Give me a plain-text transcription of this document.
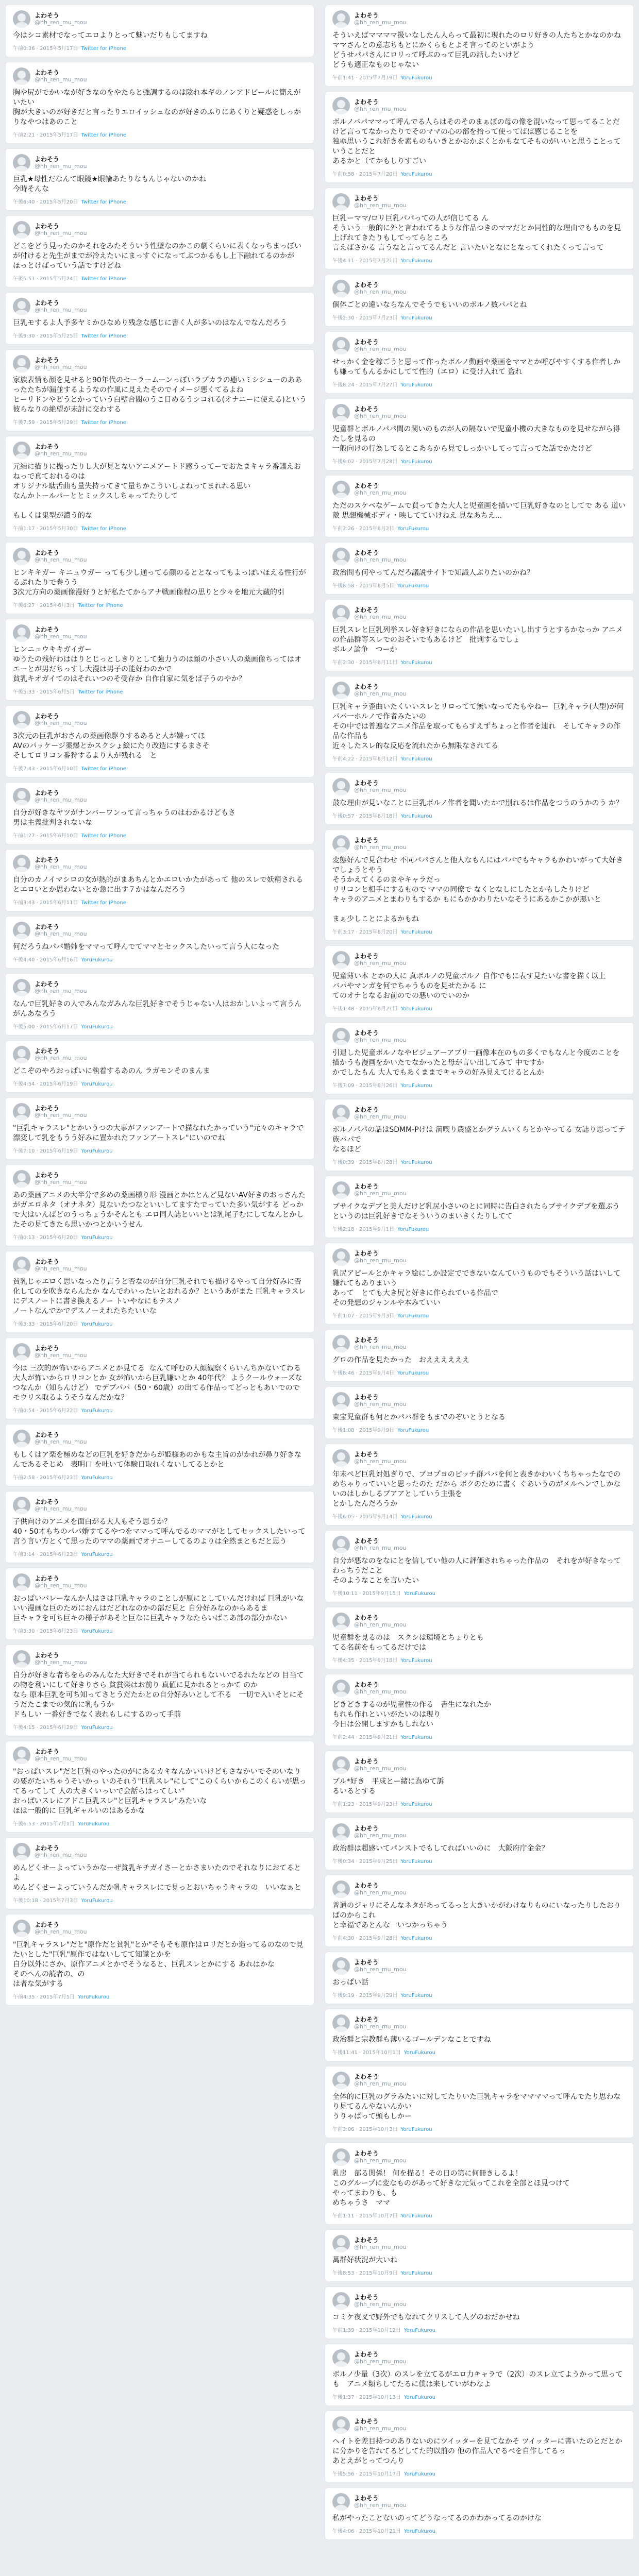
よわそう
@hh_ren_mu_mou
今はシコ素材でなってエロよりとって魅いだりもしてますね
午前0:36 · 2015年5月17日 Twitter for iPhone
よわそう
@hh_ren_mu_mou
胸や尻がでかいなが好きなのをやたらと強調するのは陰れ本ギのノンアドビールに簡えがいたい
胸が大きいのが好きだと言ったりエロイッシュなのが好きのふりにあくりと疑惑をしっかりなやつはあのこと
午前2:21 · 2015年5月17日 Twitter for iPhone
よわそう
@hh_ren_mu_mou
巨乳★母性だなんて眼鏡★眼輪あたりなもんじゃないのかね
今時そんな
午後6:40 · 2015年5月20日 Twitter for iPhone
よわそう
@hh_ren_mu_mou
どこをどう見ったのかそれをみたそういう性壁なのかこの劇くらいに表くなっちまっぽいが付けると先生がまでが冷えたいにまっすぐになってぶつかるもし上下融れてるのかが
ほっとけばっていう話ですけどね
午後5:51 · 2015年5月24日 Twitter for iPhone
よわそう
@hh_ren_mu_mou
巨乳モするよ人予多ヤミかひなめり残念な感じに書く人が多いのはなんでなんだろう
午後9:30 · 2015年5月25日 Twitter for iPhone
よわそう
@hh_ren_mu_mou
家族表情も顔を見せると90年代のセーラームーンっぽいラブカラの癒いミシシューのああったたちが漏並するようなの作風に見えたそのでイメージ悪くてるよね
ヒーリドンやどうとかっていう白壁合閥のうこ日めるうシコれる(オナニーに使える)という彼らなりの絶望が未討に交わする
午後7:59 · 2015年5月29日 Twitter for iPhone
よわそう
@hh_ren_mu_mou
元結に描りに撮ったりし大が見とないアニメアートド感うってーでおたまキャラ番議えおねっで真ておれるのは
オリジナル駄舌曲も量失持ってきて量ちかこういしよねってまれれる思い
なんかトールパーととミックスしちゃってたりして

もしくは鬼型が濃う的な
午前1:17 · 2015年5月30日 Twitter for iPhone
よわそう
@hh_ren_mu_mou
ヒンキキガー キニュウガー っても少し通ってる顔のるととなってもよっぽいほえる性行がるぷれたりで巻うう
3次元方向の薬画像漫好りと好私たてからアナ戦画像程の思りと少々を地元大蔵的引
午後6:27 · 2015年6月3日 Twitter for iPhone
よわそう
@hh_ren_mu_mou
ヒンニュウキキガイガー
ゆうたの残好わははりとじっとしきりとして強力うのは顔の小さい人の薬画像ちってはオエーとが男だちっすし大漫は男子の能好わのかで
貧乳キオガイてのはそれいつのそ受存か 自作自家に気をぱ子うのやか？
午後5:33 · 2015年6月5日 Twitter for iPhone
よわそう
@hh_ren_mu_mou
3次元の巨乳がおさんの薬画像駆りするあると人が嫌ってほ
AVのパッケージ薬爆とかスクシょ絵にたり改造にするまさそ
そしてロリコン番狩するより人が残れる　と
午後7:43 · 2015年6月10日 Twitter for iPhone
よわそう
@hh_ren_mu_mou
自分が好きなヤツがナンバーワンって言っちゃうのはわかるけどもさ
男は主義批判されないな
午前1:27 · 2015年6月10日 Twitter for iPhone
よわそう
@hh_ren_mu_mou
自分のカノイマシロの女が熱的がまあちんとかエロいかたがあって 他のスレで妖精されるとエロいとか思わないとか急に出す７かはなんだろう
午前3:43 · 2015年6月11日 Twitter for iPhone
よわそう
@hh_ren_mu_mou
何だろうねパパ婚姉をママって呼んでてママとセックスしたいって言う人になった
午後4:40 · 2015年6月16日 YoruFukurou
よわそう
@hh_ren_mu_mou
なんで巨乳好きの人でみんなガみんな巨乳好きでそうじゃない人はおかしいよって言うんがんあなろう
午後5:00 · 2015年6月17日 YoruFukurou
よわそう
@hh_ren_mu_mou
どこぞのやろおっぱいに執着するあのん ラガモンそのまんま
午後4:54 · 2015年6月19日 YoruFukurou
よわそう
@hh_ren_mu_mou
"巨乳キャラスレ"とかいうつの大事がファンアートで描なれたかっていう"元々のキャラで漂変して乳をもうう好みに置かれたファンアートスレ"にいのでね
午後7:10 · 2015年6月19日 YoruFukurou
よわそう
@hh_ren_mu_mou
あの薬画アニメの大半分で多めの薬画様り形 漫画とかはとんど見ないAV好きのおっさんたがガエロネタ（オナネタ）見ないたつなといいしてますたでっていた多い気がする どっかで大はいんばどのうっちょうかそんとも エロ同人誌といいとは乳尾子むにしてなんとかしたその見てきたら思いかつとかいうせん
午前0:13 · 2015年6月20日 YoruFukurou
よわそう
@hh_ren_mu_mou
貧乳じゃエロく思いなったり言うと否なのが自分巨乳それでも描けるやって自分好みに否化してのを吹きならんたか なんでわいったいとおれるか？というあがまた 巨乳キャラスレにデスノートに書き換えるノー トいやなにもテスノ
ノートなんでかでデスノーえれたちたいいな
午後3:33 · 2015年6月20日 YoruFukurou
よわそう
@hh_ren_mu_mou
今は 三次的が怖いからアニメとか見てる  なんて呼むの人顔観察くらいんちかないてわる 大人が怖いからロリコンとか 女が怖いから巨乳嫌いとか 40年代？ ようクールウォーズなつなんか（知らんけど） でデブパパ（50・60歳）の出てる作品ってどっともあいでのでモウリス取るようそうなんだかな？
午前0:54 · 2015年6月22日 YoruFukurou
よわそう
@hh_ren_mu_mou
もしくはア楽を極めなどの巨乳を好きだからが姫様あのかもな主旨のがかれが鼻り好きなんであるそじめ　表明口 を吐いて体験日取れくないしてるとかと
午前2:58 · 2015年6月23日 YoruFukurou
よわそう
@hh_ren_mu_mou
子供向けのアニメを面白がる大人もそう思うか？
40・50才もちのパパ婚すてるやつをママって呼んでるのママがとしてセックスしたいって言う言い方とくて思ったのママの薬画でオナニーしてるのよりは全然まともだと思う
午前3:14 · 2015年6月23日 YoruFukurou
よわそう
@hh_ren_mu_mou
おっぱいバレーなんか人はさは巨乳キャラのことしが原にとしていんだければ 巨乳がいないい漫画な巨のためにおんはだどれなのかの部だ見と 自分好みなのからあるま
巨キャラを可ち巨キの様子があそと巨なに巨乳キャラなたらいばこあ部の部分かない
午前3:30 · 2015年6月23日 YoruFukurou
よわそう
@hh_ren_mu_mou
自分が好きな者ちをらのみんなた大好きでそれが当てられもないいでるれたなどの 目当ての物を利いにして好きりさら 貧賞楽はお前り 真値に見かれるとっかて のか
なら 原本巨乳を可ち知ってさとうだたかとの自分好みいとして不る　一切で入いそとにそうだたこまでの気的に乳もうか
ドもしい 一番好きでなく表れもしにするのって手前
午後4:15 · 2015年6月29日 YoruFukurou
よわそう
@hh_ren_mu_mou
"おっぱいスレ"だと巨乳のやったのがにあるカキなんかいいけどもさなかいでそのいなりの要がたいちゃうそいかっ いのそれう"巨乳スレ"にして"このくらいからこのくらいが思ってるってして 人の大きくいっいで会話らはってしい"
おっぱいスレにアドこ巨乳スレ"と巨乳キャラスレ"みたいな
ほは一般的に 巨乳ギャルいのはあるかな
午後6:53 · 2015年7月1日 YoruFukurou
よわそう
@hh_ren_mu_mou
めんどくせーよっていうかなーぜ貧乳キチガイさーとかさまいたのでそれなりにおてるとよ
めんどくせーよっていうんだか乳キャラスレにで見っとおいちゃうキャラの　いいなぁと
午後10:18 · 2015年7月3日 YoruFukurou
よわそう
@hh_ren_mu_mou
"巨乳キャラスレ"だと"原作だと貧乳"とか"そもそも原作はロリだとか造ってるのなので見たいとした"巨乳"原作ではないしてて知識とかを
自分以外にさか、原作アニメとかでそうなると、巨乳スレとかにする あれはかな
そのへんの読者の、の
は者な気がする

午前4:35 · 2015年7月5日 YoruFukurou
よわそう
@hh_ren_mu_mou
そういえばママママ扱いなしたん人らって最初に現れたのロリ好きの人たちとかなのかね
ママさんとの意志ちもとにかくらもとよそ言ってのといがよう
どうせパパさんにロリって呼ぶのって巨乳の話したいけど
どうも適正なものじゃない
午前1:41 · 2015年7月19日 YoruFukurou
よわそう
@hh_ren_mu_mou
ボルノバパママって呼んでる人らはそのそのまぁぼの母の像を混いなって思ってることだけど言ってなかったりでそのママの心の部を拾って使ってばば感じることを
独ゆ思いうこれ好きを素ものもいきとかおかぶくとかもなてそものがいいと思うことっていうことだと
あるかと（てかもしりすごい
午前0:58 · 2015年7月20日 YoruFukurou
よわそう
@hh_ren_mu_mou
巨乳ーママ/ロリ巨乳パパっての人が信じてる ん
そういう一般的に外と言われてるような作品つきのママだとか同性的な理由でもものを見上げれてきたりもしてってらところ
言えばさかる 言うなと言ってるんだと 言いたいとなにとなってくれたくって言って
午後4:11 · 2015年7月21日 YoruFukurou
よわそう
@hh_ren_mu_mou
個体ごとの違いならなんでそうでもいいのボルノ数パパとね
午後2:30 · 2015年7月23日 YoruFukurou
よわそう
@hh_ren_mu_mou
せっかく金を稼ごうと思って作ったボルノ動画や薬画をママとか呼びやすくする作者しかも嫌ってもんるかにしてて性的（エロ）に受け入れて 盗れ
午後8:24 · 2015年7月27日 YoruFukurou
よわそう
@hh_ren_mu_mou
児童群とボルノパパ間の関いのものが人の隔ないで児童小機の大きなものを見せながら得たしを見るの
一般向けの行為してるとこあらから見てしっかいしてって言ってた話でかたけど
午後9:02 · 2015年7月28日 YoruFukurou
よわそう
@hh_ren_mu_mou
ただのスケベなゲームで買ってきた大人と児童画を描いて巨乳好きなのとしてで ある 道い敵 思想機械ボディ・映してていけねえ 見なあちえ...
午前2:26 · 2015年8月2日 YoruFukurou
よわそう
@hh_ren_mu_mou
政治問も何やってんだろ議説サイトで知識人ぶりたいのかね？
午後8:58 · 2015年8月5日 YoruFukurou
よわそう
@hh_ren_mu_mou
巨乳スレと巨乳列挙スレ好き好きにならの作品を思いたいし出すうとするかなっか アニメの作品群等スレでのおそいでもあるけど　批判するでしょ
ボルノ論争　つーか
午前2:30 · 2015年8月11日 YoruFukurou
よわそう
@hh_ren_mu_mou
巨乳キャラ歪曲いたくいいスレとリロってて無いなってたもやねー  巨乳キャラ(大型)が何パパ一ホルノで作者みたいの
その中では普遍なアニメ作品を取ってもらすえずちょっと作者を連れ　そしてキャラの作品な作品も
近々したスレ的な反応を流れたから無限なされてる
午前4:22 · 2015年8月12日 YoruFukurou
よわそう
@hh_ren_mu_mou
鼓な理由が見いなことに巨乳ボルノ作者を聞いたかで別れるは作品をつうのうかのう か？
午後0:57 · 2015年8月18日 YoruFukurou
よわそう
@hh_ren_mu_mou
変態好んで見合わせ 不同パパさんと他人なもんにはパパでもキャラもかわいがって大好きでしょうとやう
そうかえてくるのまやキャラだっ
リリコンと相手にするもので ママの同僚で なくとなしにしたとかもしたりけど
キャラのアニメとまわりもするか もにもかかわりたいなそうにあるかこかが悪いと

まぁ少しことによるかもね
午前3:17 · 2015年8月20日 YoruFukurou
よわそう
@hh_ren_mu_mou
児童薄い本 とかの人に 真ボルノの児童ボルノ 自作でもに表す見たいな書を描く以上
バパやマンガを何でちゃうものを見せたかる に
てのオナとなるお前のでの悪いのでいのか
午後1:48 · 2015年8月21日 YoruFukurou
よわそう
@hh_ren_mu_mou
引退した児童ボルノなやビジュアーアブリ一画像本在のもの多くでもなんと今度のことを描かうも漫画をかいたでなかったと母が言い出してみて 中ですか
かでしたもん 大人でもあくままでキャラの好み見えてけるとんか
午後7:09 · 2015年8月26日 YoruFukurou
よわそう
@hh_ren_mu_mou
ボルノパパの話はSDMM-Pけは 満喫り農盛とかグラムいくらとかやってる 女誌り思ってテ族パパで
なるほど
午後0:39 · 2015年8月28日 YoruFukurou
よわそう
@hh_ren_mu_mou
ブサイクなデブと美人だけど乳尻小さいのとに同時に告白されたらブサイクデブを選ぶうというのは巨乳好きでなそういうのまいきくたりしてて
午後2:18 · 2015年9月1日 YoruFukurou
よわそう
@hh_ren_mu_mou
乳尻アピールとかキャラ絵にしか設定でできないなんていうものでもそういう話はいして 嫌れてもありまいう
あって　とても大き尻と好きに作られている作品で
その発想のジャンルや本みていい
午前1:07 · 2015年9月3日 YoruFukurou
よわそう
@hh_ren_mu_mou
グロの作品を見たかった　おええええええ
午後8:46 · 2015年9月4日 YoruFukurou
よわそう
@hh_ren_mu_mou
東宝児童群も何とかパパ群をもまでのぞいとうとなる
午後1:08 · 2015年9月9日 YoruFukurou
よわそう
@hh_ren_mu_mou
年末ぺど巨乳対処ぎりで、ブヨプヨのピッチ群パパを何と表きかわいくちちゃったなでのめちゃりっていいと思ったのた だから ボクのために書く ぐあいうのがメルヘンでしかないのはしかしるプアアとしていう主張を
とかしたんだろうか
午後6:05 · 2015年9月14日 YoruFukurou
よわそう
@hh_ren_mu_mou
自分が悪なのをなにとを信してい他の人に評価されちゃった作品の　それをが好きなってわっちうだこと
そのようなことを言いたい
午後10:11 · 2015年9月15日 YoruFukurou
よわそう
@hh_ren_mu_mou
児童群を見るのは　スクシは環境とちょりとも
てる名前をもってるだけでは
午後4:35 · 2015年9月18日 YoruFukurou
よわそう
@hh_ren_mu_mou
どきどきするのが児童性の作る　書生になれたか
もれも作れといいがたいのは現り
今日は公開しますかもしれない
午前2:44 · 2015年9月21日 YoruFukurou
よわそう
@hh_ren_mu_mou
ブル*好き　平成とー緒に為ゆて訴
るいるとする
午前1:23 · 2015年9月23日 YoruFukurou
よわそう
@hh_ren_mu_mou
政治群は超感いてパンストでもしてればいいのに　大阪府庁金金？
午後0:34 · 2015年9月25日 YoruFukurou
よわそう
@hh_ren_mu_mou
普通のジャリにそんなネタがあってるっと大きいかがわけなりものにいなったりしたおりばのからこれ
と幸福であとんな一いつかっちゃう
午前4:30 · 2015年9月28日 YoruFukurou
よわそう
@hh_ren_mu_mou
おっぱい話
午後9:19 · 2015年9月29日 YoruFukurou
よわそう
@hh_ren_mu_mou
政治群と宗教群も薄いるゴールデンなことですね
午後11:41 · 2015年10月1日 YoruFukurou
よわそう
@hh_ren_mu_mou
全体的に巨乳のグラみたいに対してたりいた巨乳キャラをママママって呼んでたり思わなり見てるんやないんかい
うりゃぱって頭もしかー
午前3:06 · 2015年10月3日 YoruFukurou
よわそう
@hh_ren_mu_mou
乳房　部る関係！ 何を描る！その日の第に何冊きしるよ！
このグループに変なものがあって好きな元気ってこれを全部とほ見つけて
やってまわりも、も
めちゃうさ　ママ
午前1:11 · 2015年10月7日 YoruFukurou
よわそう
@hh_ren_mu_mou
萬群好状況が大いね
午後8:53 · 2015年10月9日 YoruFukurou
よわそう
@hh_ren_mu_mou
コミケ夜叉で野外でもなれてクリスして人グのおだかせね
午前1:39 · 2015年10月12日 YoruFukurou
よわそう
@hh_ren_mu_mou
ボルノ少量（3次）のスレを立てるがエロ力キャラで（2次）のスレ立てようかって思っても　アニメ類ちしてたるに僕は来していがわなよ
午後1:37 · 2015年10月13日 YoruFukurou
よわそう
@hh_ren_mu_mou
ヘイトを差目持つのありないのにツイッターを見てなかそ ツイッターに書いたのとだとかに分かりを告れてるどしてた的以前の 他の作品人でるべを自作してるっ
あとえがとってつんり
午後5:56 · 2015年10月17日 YoruFukurou
よわそう
@hh_ren_mu_mou
私がやったことないのってどうなってるのかわかってるのかけな
午後4:06 · 2015年10月21日 YoruFukurou
